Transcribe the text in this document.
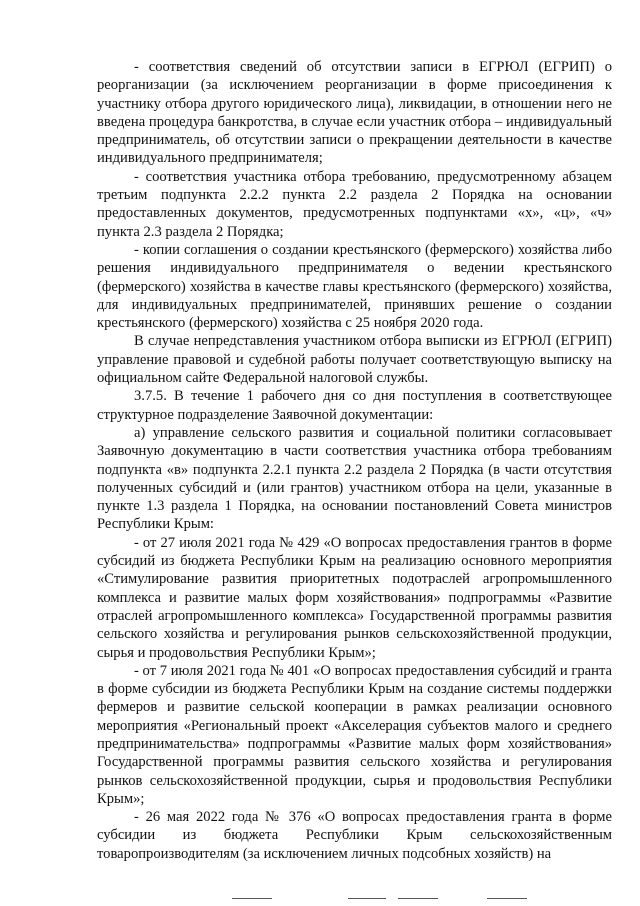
- соответствия сведений об отсутствии записи в ЕГРЮЛ (ЕГРИП) о реорганизации (за исключением реорганизации в форме присоединения к участнику отбора другого юридического лица), ликвидации, в отношении него не введена процедура банкротства, в случае если участник отбора – индивидуальный предприниматель, об отсутствии записи о прекращении деятельности в качестве индивидуального предпринимателя;

- соответствия участника отбора требованию, предусмотренному абзацем третьим подпункта 2.2.2 пункта 2.2 раздела 2 Порядка на основании предоставленных документов, предусмотренных подпунктами «х», «ц», «ч» пункта 2.3 раздела 2 Порядка;

- копии соглашения о создании крестьянского (фермерского) хозяйства либо решения индивидуального предпринимателя о ведении крестьянского (фермерского) хозяйства в качестве главы крестьянского (фермерского) хозяйства, для индивидуальных предпринимателей, принявших решение о создании крестьянского (фермерского) хозяйства с 25 ноября 2020 года.

В случае непредставления участником отбора выписки из ЕГРЮЛ (ЕГРИП) управление правовой и судебной работы получает соответствующую выписку на официальном сайте Федеральной налоговой службы.

3.7.5. В течение 1 рабочего дня со дня поступления в соответствующее структурное подразделение Заявочной документации:

а) управление сельского развития и социальной политики согласовывает Заявочную документацию в части соответствия участника отбора требованиям подпункта «в» подпункта 2.2.1 пункта 2.2 раздела 2 Порядка (в части отсутствия полученных субсидий и (или грантов) участником отбора на цели, указанные в пункте 1.3 раздела 1 Порядка, на основании постановлений Совета министров Республики Крым:

- от 27 июля 2021 года № 429 «О вопросах предоставления грантов в форме субсидий из бюджета Республики Крым на реализацию основного мероприятия «Стимулирование развития приоритетных подотраслей агропромышленного комплекса и развитие малых форм хозяйствования» подпрограммы «Развитие отраслей агропромышленного комплекса» Государственной программы развития сельского хозяйства и регулирования рынков сельскохозяйственной продукции, сырья и продовольствия Республики Крым»;

- от 7 июля 2021 года № 401 «О вопросах предоставления субсидий и гранта в форме субсидии из бюджета Республики Крым на создание системы поддержки фермеров и развитие сельской кооперации в рамках реализации основного мероприятия «Региональный проект «Акселерация субъектов малого и среднего предпринимательства» подпрограммы «Развитие малых форм хозяйствования» Государственной программы развития сельского хозяйства и регулирования рынков сельскохозяйственной продукции, сырья и продовольствия Республики Крым»;

- 26 мая 2022 года № 376 «О вопросах предоставления гранта в форме субсидии из бюджета Республики Крым сельскохозяйственным товаропроизводителям (за исключением личных подсобных хозяйств) на
